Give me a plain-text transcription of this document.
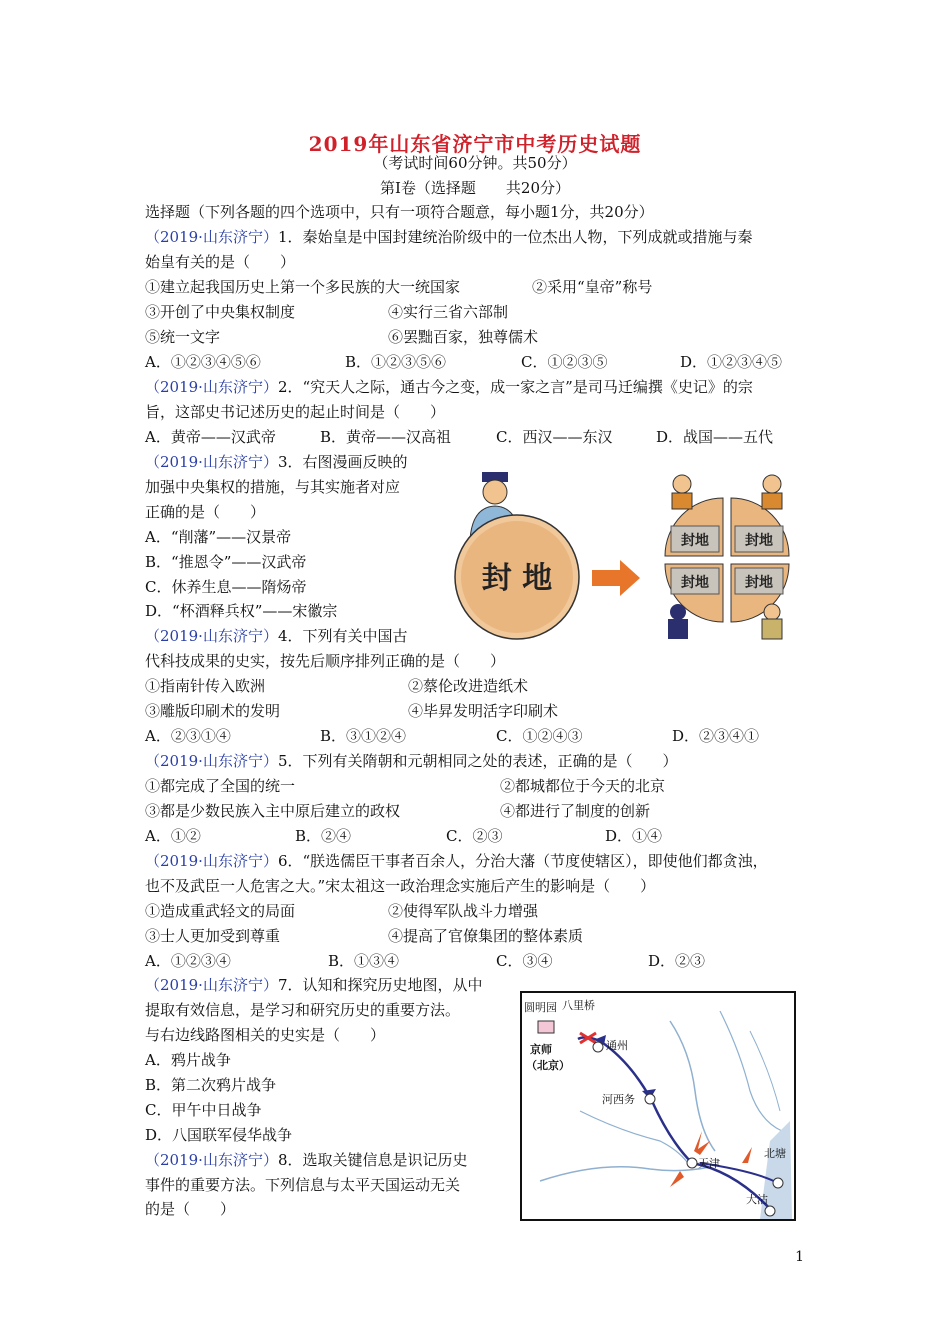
2019年山东省济宁市中考历史试题
（考试时间60分钟。共50分）
第Ⅰ卷（选择题　　共20分）
选择题（下列各题的四个选项中，只有一项符合题意，每小题1分，共20分）
（2019·山东济宁）1．秦始皇是中国封建统治阶级中的一位杰出人物，下列成就或措施与秦
始皇有关的是（　　）
①建立起我国历史上第一个多民族的大一统国家	②采用“皇帝”称号
③开创了中央集权制度	④实行三省六部制
⑤统一文字	⑥罢黜百家，独尊儒术
A．①②③④⑤⑥	B．①②③⑤⑥	C．①②③⑤	D．①②③④⑤
（2019·山东济宁）2．“究天人之际，通古今之变，成一家之言”是司马迁编撰《史记》的宗
旨，这部史书记述历史的起止时间是（　　）
A．黄帝——汉武帝	B．黄帝——汉高祖	C．西汉——东汉	D．战国——五代
（2019·山东济宁）3．右图漫画反映的
加强中央集权的措施，与其实施者对应
正确的是（　　）
A．“削藩”——汉景帝
B．“推恩令”——汉武帝
C．休养生息——隋炀帝
D．“杯酒释兵权”——宋徽宗
封 地
封地	封地
封地	封地
（2019·山东济宁）4．下列有关中国古
代科技成果的史实，按先后顺序排列正确的是（　　）
①指南针传入欧洲	②蔡伦改进造纸术
③雕版印刷术的发明	④毕昇发明活字印刷术
A．②③①④	B．③①②④	C．①②④③	D．②③④①
（2019·山东济宁）5．下列有关隋朝和元朝相同之处的表述，正确的是（　　）
①都完成了全国的统一	②都城都位于今天的北京
③都是少数民族入主中原后建立的政权	④都进行了制度的创新
A．①②	B．②④	C．②③	D．①④
（2019·山东济宁）6．“朕选儒臣干事者百余人，分治大藩（节度使辖区），即使他们都贪浊，
也不及武臣一人危害之大。”宋太祖这一政治理念实施后产生的影响是（　　）
①造成重武轻文的局面	②使得军队战斗力增强
③士人更加受到尊重	④提高了官僚集团的整体素质
A．①②③④	B．①③④	C．③④	D．②③
（2019·山东济宁）7．认知和探究历史地图，从中
提取有效信息，是学习和研究历史的重要方法。
与右边线路图相关的史实是（　　）
A．鸦片战争
B．第二次鸦片战争
C．甲午中日战争
D．八国联军侵华战争
圆明园 八里桥
通州
京师
（北京）
河西务
天津
北塘
大沽
（2019·山东济宁）8．选取关键信息是识记历史
事件的重要方法。下列信息与太平天国运动无关
的是（　　）
1
